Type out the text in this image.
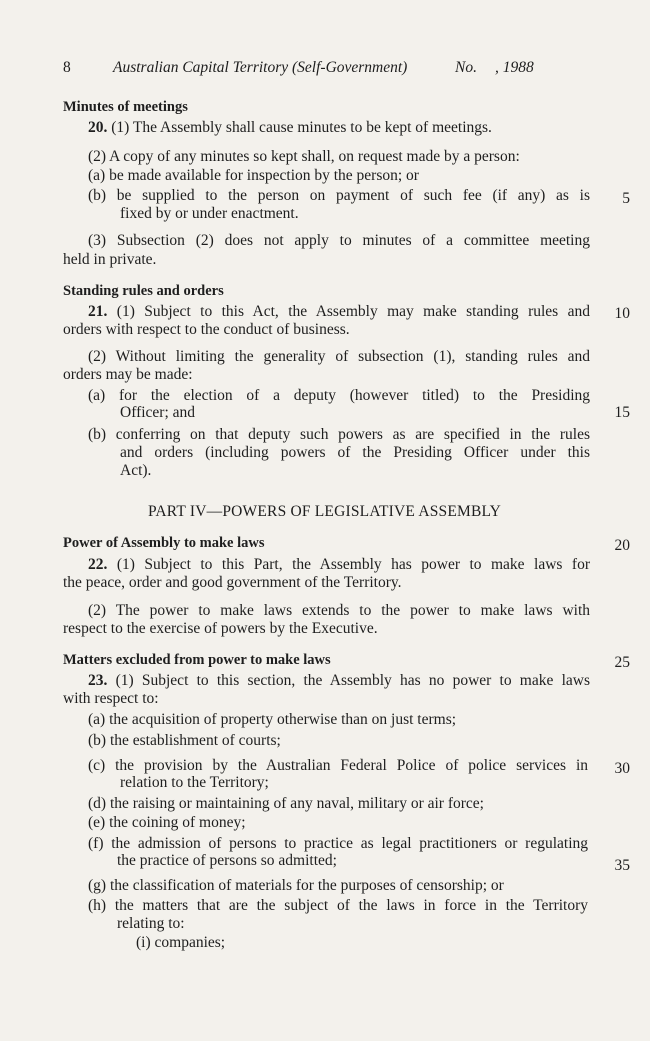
8	Australian Capital Territory (Self-Government)	No. , 1988
Minutes of meetings
20. (1) The Assembly shall cause minutes to be kept of meetings.
(2) A copy of any minutes so kept shall, on request made by a person:
(a) be made available for inspection by the person; or
(b) be supplied to the person on payment of such fee (if any) as is
fixed by or under enactment.
(3) Subsection (2) does not apply to minutes of a committee meeting
held in private.
Standing rules and orders
21. (1) Subject to this Act, the Assembly may make standing rules and
orders with respect to the conduct of business.
(2) Without limiting the generality of subsection (1), standing rules and
orders may be made:
(a) for the election of a deputy (however titled) to the Presiding
Officer; and
(b) conferring on that deputy such powers as are specified in the rules
and orders (including powers of the Presiding Officer under this
Act).
PART IV—POWERS OF LEGISLATIVE ASSEMBLY
Power of Assembly to make laws
22. (1) Subject to this Part, the Assembly has power to make laws for
the peace, order and good government of the Territory.
(2) The power to make laws extends to the power to make laws with
respect to the exercise of powers by the Executive.
Matters excluded from power to make laws
23. (1) Subject to this section, the Assembly has no power to make laws
with respect to:
(a) the acquisition of property otherwise than on just terms;
(b) the establishment of courts;
(c) the provision by the Australian Federal Police of police services in
relation to the Territory;
(d) the raising or maintaining of any naval, military or air force;
(e) the coining of money;
(f) the admission of persons to practice as legal practitioners or regulating
the practice of persons so admitted;
(g) the classification of materials for the purposes of censorship; or
(h) the matters that are the subject of the laws in force in the Territory
relating to:
(i) companies;
5
10
15
20
25
30
35
